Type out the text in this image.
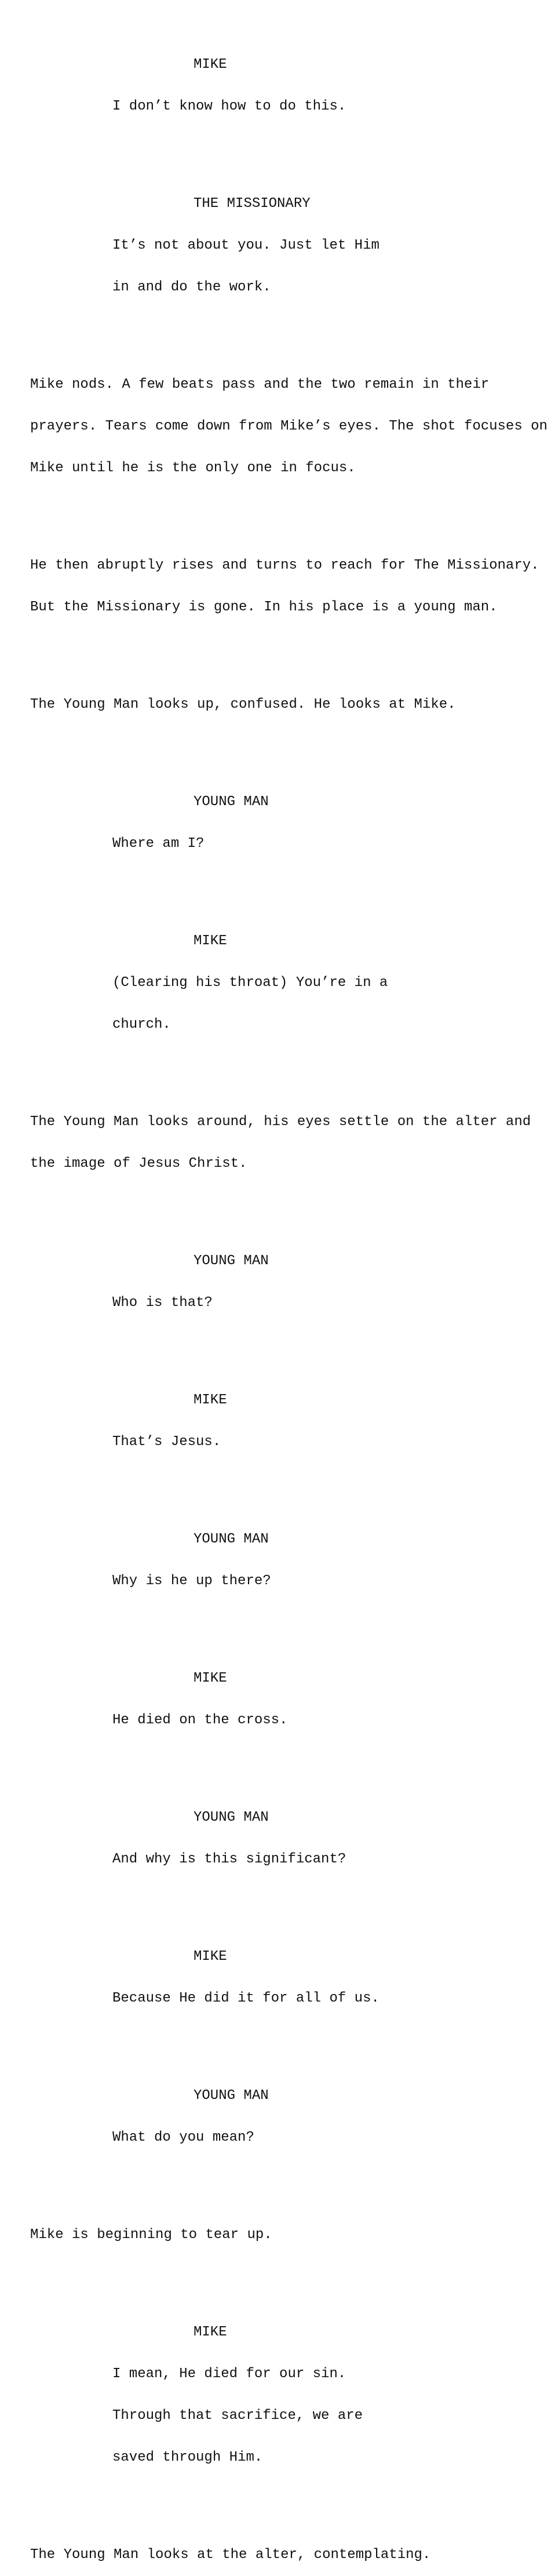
MIKE

I don’t know how to do this.

THE MISSIONARY

It’s not about you. Just let Him

in and do the work.

Mike nods. A few beats pass and the two remain in their

prayers. Tears come down from Mike’s eyes. The shot focuses on

Mike until he is the only one in focus.

He then abruptly rises and turns to reach for The Missionary.

But the Missionary is gone. In his place is a young man.

The Young Man looks up, confused. He looks at Mike.

YOUNG MAN

Where am I?

MIKE

(Clearing his throat) You’re in a

church.

The Young Man looks around, his eyes settle on the alter and

the image of Jesus Christ.

YOUNG MAN

Who is that?

MIKE

That’s Jesus.

YOUNG MAN

Why is he up there?

MIKE

He died on the cross.

YOUNG MAN

And why is this significant?

MIKE

Because He did it for all of us.

YOUNG MAN

What do you mean?

Mike is beginning to tear up.

MIKE

I mean, He died for our sin.

Through that sacrifice, we are

saved through Him.

The Young Man looks at the alter, contemplating.
